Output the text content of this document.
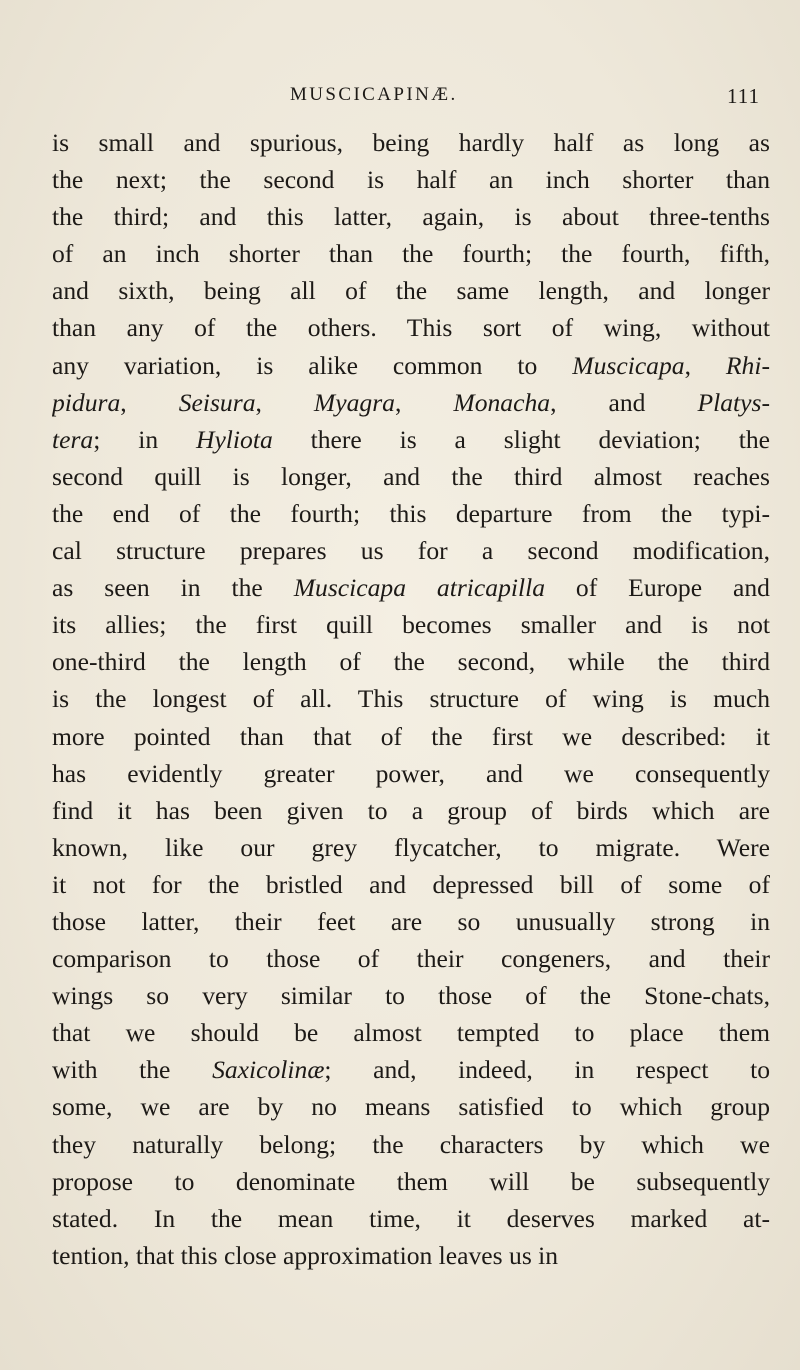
MUSCICAPINÆ.	111
is small and spurious, being hardly half as long as
the next; the second is half an inch shorter than
the third; and this latter, again, is about three-tenths
of an inch shorter than the fourth; the fourth, fifth,
and sixth, being all of the same length, and longer
than any of the others. This sort of wing, without
any variation, is alike common to Muscicapa, Rhi-
pidura, Seisura, Myagra, Monacha, and Platys-
tera; in Hyliota there is a slight deviation; the
second quill is longer, and the third almost reaches
the end of the fourth; this departure from the typi-
cal structure prepares us for a second modification,
as seen in the Muscicapa atricapilla of Europe and
its allies; the first quill becomes smaller and is not
one-third the length of the second, while the third
is the longest of all. This structure of wing is much
more pointed than that of the first we described: it
has evidently greater power, and we consequently
find it has been given to a group of birds which are
known, like our grey flycatcher, to migrate. Were
it not for the bristled and depressed bill of some of
those latter, their feet are so unusually strong in
comparison to those of their congeners, and their
wings so very similar to those of the Stone-chats,
that we should be almost tempted to place them
with the Saxicolinæ; and, indeed, in respect to
some, we are by no means satisfied to which group
they naturally belong; the characters by which we
propose to denominate them will be subsequently
stated. In the mean time, it deserves marked at-
tention, that this close approximation leaves us in
